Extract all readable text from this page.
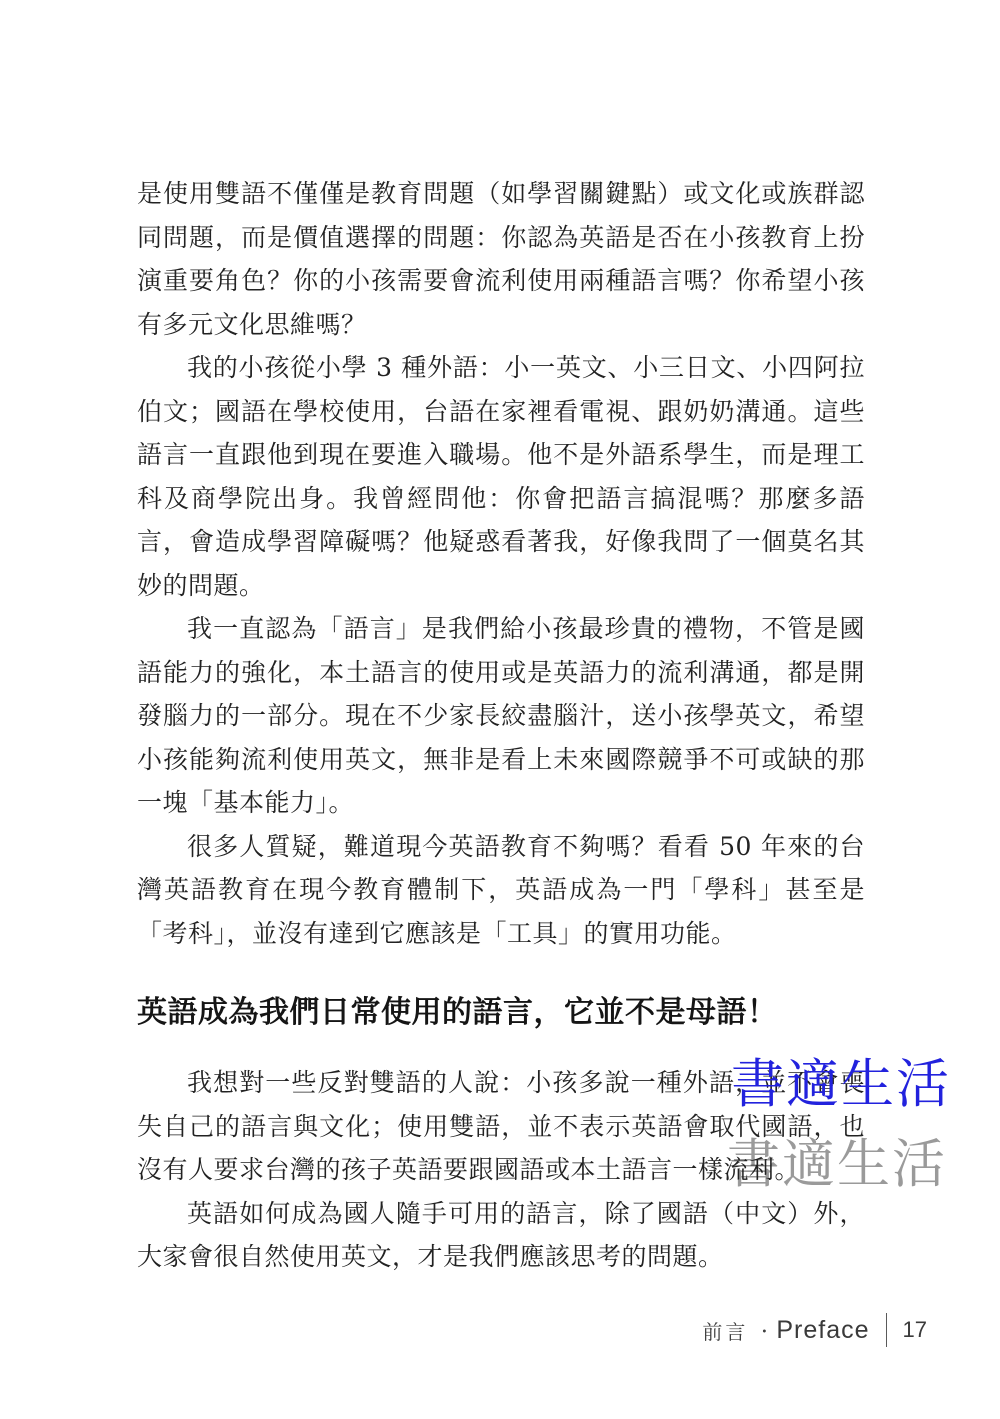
是使用雙語不僅僅是教育問題（如學習關鍵點）或文化或族群認同問題，而是價值選擇的問題：你認為英語是否在小孩教育上扮演重要角色？你的小孩需要會流利使用兩種語言嗎？你希望小孩有多元文化思維嗎？

我的小孩從小學 3 種外語：小一英文、小三日文、小四阿拉伯文；國語在學校使用，台語在家裡看電視、跟奶奶溝通。這些語言一直跟他到現在要進入職場。他不是外語系學生，而是理工科及商學院出身。我曾經問他：你會把語言搞混嗎？那麼多語言，會造成學習障礙嗎？他疑惑看著我，好像我問了一個莫名其妙的問題。

我一直認為「語言」是我們給小孩最珍貴的禮物，不管是國語能力的強化，本土語言的使用或是英語力的流利溝通，都是開發腦力的一部分。現在不少家長絞盡腦汁，送小孩學英文，希望小孩能夠流利使用英文，無非是看上未來國際競爭不可或缺的那一塊「基本能力」。

很多人質疑，難道現今英語教育不夠嗎？看看 50 年來的台灣英語教育在現今教育體制下，英語成為一門「學科」甚至是「考科」，並沒有達到它應該是「工具」的實用功能。

英語成為我們日常使用的語言，它並不是母語！

我想對一些反對雙語的人說：小孩多說一種外語，並不會喪失自己的語言與文化；使用雙語，並不表示英語會取代國語，也沒有人要求台灣的孩子英語要跟國語或本土語言一樣流利。

英語如何成為國人隨手可用的語言，除了國語（中文）外，大家會很自然使用英文，才是我們應該思考的問題。

書適生活
書適生活
前言 ・ Preface 17
